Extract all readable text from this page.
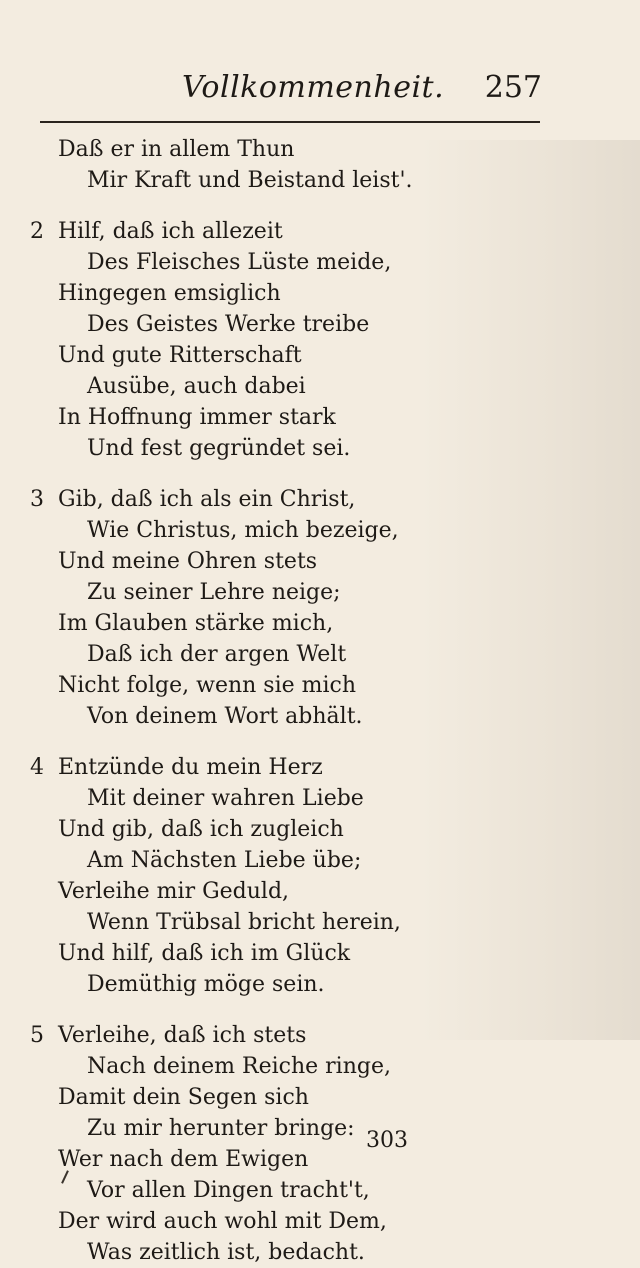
Vollkommenheit. 257
Daß er in allem Thun
Mir Kraft und Beistand leist'.
2 Hilf, daß ich allezeit
Des Fleisches Lüste meide,
Hingegen emsiglich
Des Geistes Werke treibe
Und gute Ritterschaft
Ausübe, auch dabei
In Hoffnung immer stark
Und fest gegründet sei.
3 Gib, daß ich als ein Christ,
Wie Christus, mich bezeige,
Und meine Ohren stets
Zu seiner Lehre neige;
Im Glauben stärke mich,
Daß ich der argen Welt
Nicht folge, wenn sie mich
Von deinem Wort abhält.
4 Entzünde du mein Herz
Mit deiner wahren Liebe
Und gib, daß ich zugleich
Am Nächsten Liebe übe;
Verleihe mir Geduld,
Wenn Trübsal bricht herein,
Und hilf, daß ich im Glück
Demüthig möge sein.
5 Verleihe, daß ich stets
Nach deinem Reiche ringe,
Damit dein Segen sich
Zu mir herunter bringe:
Wer nach dem Ewigen
Vor allen Dingen tracht't,
Der wird auch wohl mit Dem,
Was zeitlich ist, bedacht.
303
